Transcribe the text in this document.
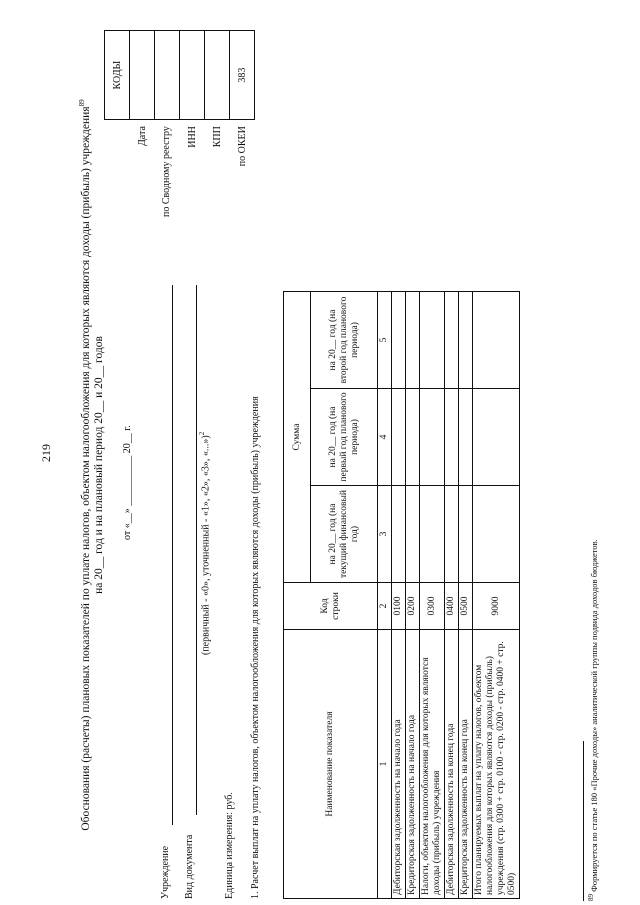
219	Обоснования (расчеты) плановых показателей по уплате налогов, объектом налогообложения для которых являются доходы (прибыль) учреждения$^{89}$
на 20__ год и на плановый период 20__ и 20__ годов от «__» __________ 20__ г.
	КОДЫ
Дата	
по Сводному реестру	
ИНН	
КПП	
по ОКЕИ	383
Учреждение Вид документа
(первичный - «0», уточненный - «1», «2», «3», «...»)$^2$
Единица измерения: руб. 1. Расчет выплат на уплату налогов, объектом налогообложения для которых являются доходы (прибыль) учреждения	Наименование показателя	Код строки	Сумма		
		на 20__ год (на текущий финансовый год)	на 20__ год (на первый год планового периода)	на 20__ год (на второй год планового периода)
1	2	3	4	5
Дебиторская задолженность на начало года	0100			
Кредиторская задолженность на начало года	0200			
Налоги, объектом налогообложения для которых являются доходы (прибыль) учреждения	0300			
Дебиторская задолженность на конец года	0400			
Кредиторская задолженность на конец года	0500			
Итого планируемых выплат на уплату налогов, объектом налогообложения для которых являются доходы (прибыль) учреждения (стр. 0300 + стр. 0100 - стр. 0200 - стр. 0400 + стр. 0500)	9000			
$^{89}$ Формируется по статье 180 «Прочие доходы» аналитической группы подвида доходов бюджетов.
